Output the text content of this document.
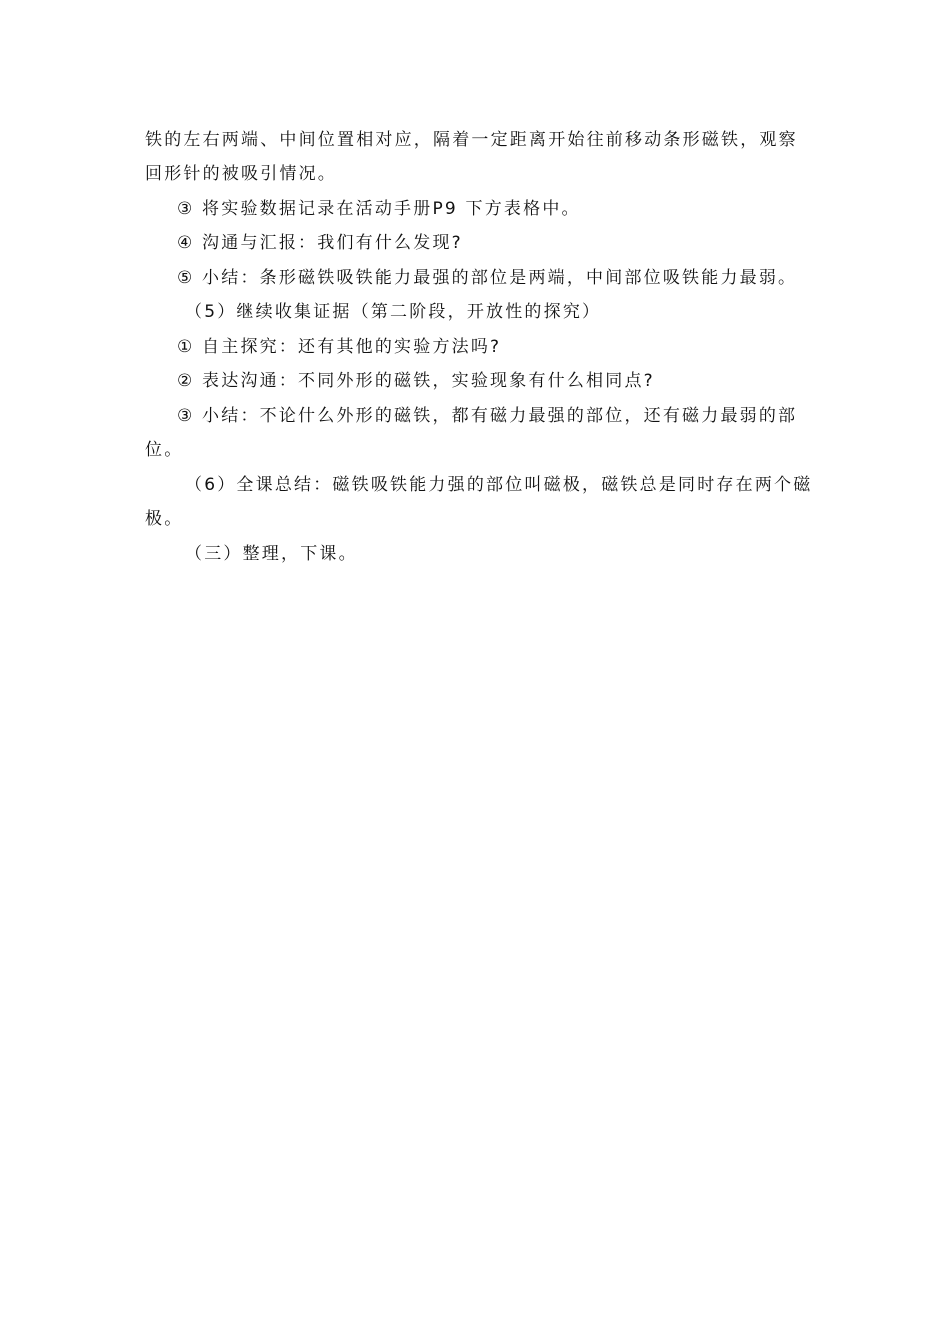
铁的左右两端、中间位置相对应，隔着一定距离开始往前移动条形磁铁，观察
回形针的被吸引情况。
③ 将实验数据记录在活动手册P9 下方表格中。
④ 沟通与汇报：我们有什么发现?
⑤ 小结：条形磁铁吸铁能力最强的部位是两端，中间部位吸铁能力最弱。
（5）继续收集证据（第二阶段，开放性的探究）
① 自主探究：还有其他的实验方法吗?
② 表达沟通：不同外形的磁铁，实验现象有什么相同点?
③ 小结：不论什么外形的磁铁，都有磁力最强的部位，还有磁力最弱的部
位。
（6）全课总结：磁铁吸铁能力强的部位叫磁极，磁铁总是同时存在两个磁
极。
（三）整理，下课。
